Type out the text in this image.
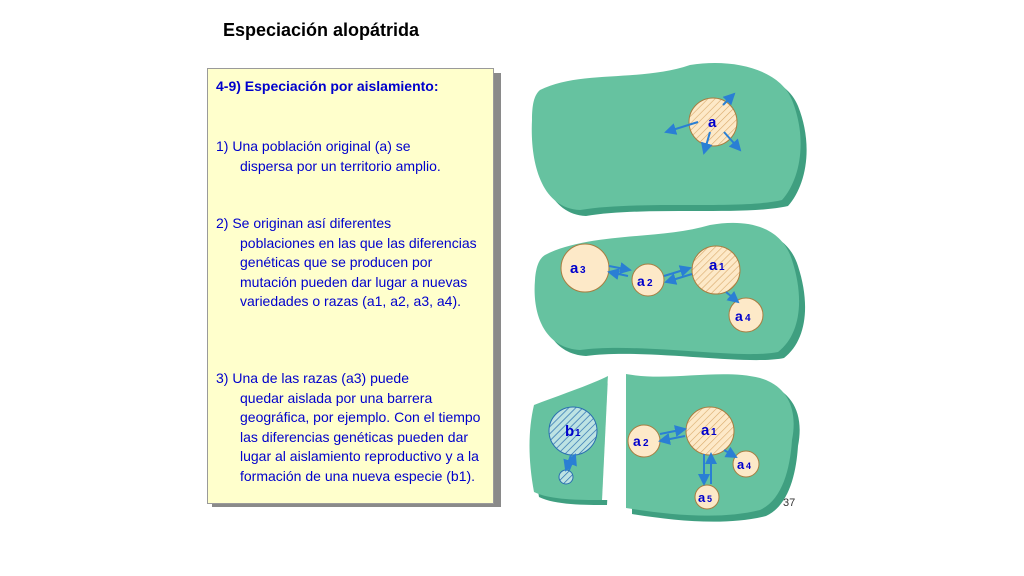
Especiación alopátrida
4-9) Especiación por aislamiento:
1) Una población original (a) se
dispersa por un territorio amplio.
2) Se originan así diferentes
poblaciones en las que las diferencias genéticas que se producen por mutación pueden dar lugar a nuevas variedades o razas (a1, a2, a3, a4).
3) Una de las razas (a3) puede
quedar aislada por una barrera geográfica, por ejemplo. Con el tiempo las diferencias genéticas pueden dar lugar al aislamiento reproductivo y a la formación de una nueva especie (b1).
a
a 3
a 2
a 1
a 4
b 1	a 2
a 1
a 4
a 5	37
